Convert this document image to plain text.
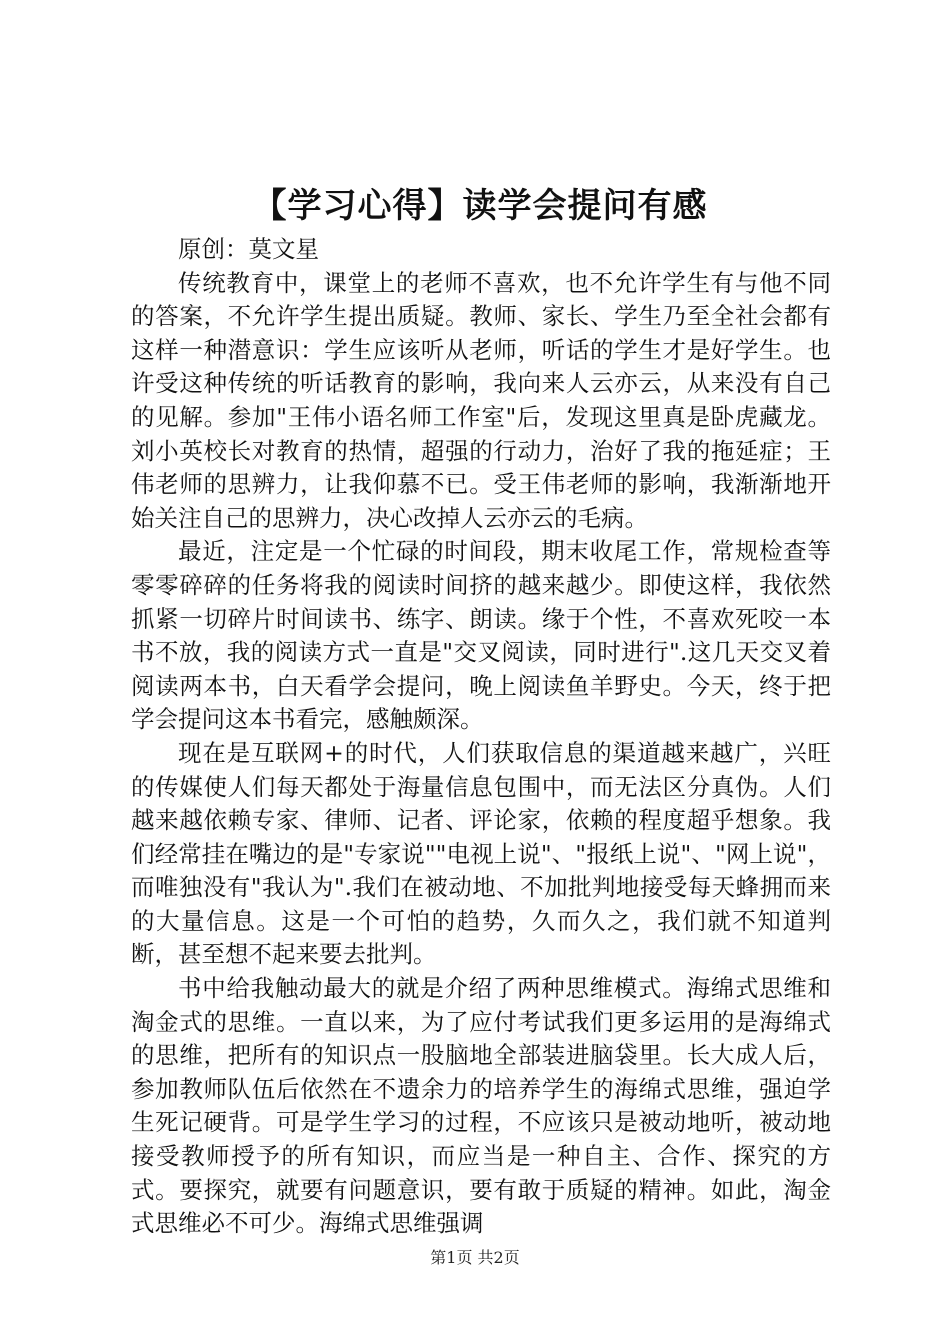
【学习心得】读学会提问有感

原创：莫文星

传统教育中，课堂上的老师不喜欢，也不允许学生有与他不同的答案，不允许学生提出质疑。教师、家长、学生乃至全社会都有这样一种潜意识：学生应该听从老师，听话的学生才是好学生。也许受这种传统的听话教育的影响，我向来人云亦云，从来没有自己的见解。参加"王伟小语名师工作室"后，发现这里真是卧虎藏龙。刘小英校长对教育的热情，超强的行动力，治好了我的拖延症；王伟老师的思辨力，让我仰慕不已。受王伟老师的影响，我渐渐地开始关注自己的思辨力，决心改掉人云亦云的毛病。

最近，注定是一个忙碌的时间段，期末收尾工作，常规检查等零零碎碎的任务将我的阅读时间挤的越来越少。即使这样，我依然抓紧一切碎片时间读书、练字、朗读。缘于个性，不喜欢死咬一本书不放，我的阅读方式一直是"交叉阅读，同时进行".这几天交叉着阅读两本书，白天看学会提问，晚上阅读鱼羊野史。今天，终于把学会提问这本书看完，感触颇深。

现在是互联网+的时代，人们获取信息的渠道越来越广，兴旺的传媒使人们每天都处于海量信息包围中，而无法区分真伪。人们越来越依赖专家、律师、记者、评论家，依赖的程度超乎想象。我们经常挂在嘴边的是"专家说""电视上说"、"报纸上说"、"网上说"，而唯独没有"我认为".我们在被动地、不加批判地接受每天蜂拥而来的大量信息。这是一个可怕的趋势，久而久之，我们就不知道判断，甚至想不起来要去批判。

书中给我触动最大的就是介绍了两种思维模式。海绵式思维和淘金式的思维。一直以来，为了应付考试我们更多运用的是海绵式的思维，把所有的知识点一股脑地全部装进脑袋里。长大成人后，参加教师队伍后依然在不遗余力的培养学生的海绵式思维，强迫学生死记硬背。可是学生学习的过程，不应该只是被动地听，被动地接受教师授予的所有知识，而应当是一种自主、合作、探究的方式。要探究，就要有问题意识，要有敢于质疑的精神。如此，淘金式思维必不可少。海绵式思维强调

第1页 共2页
